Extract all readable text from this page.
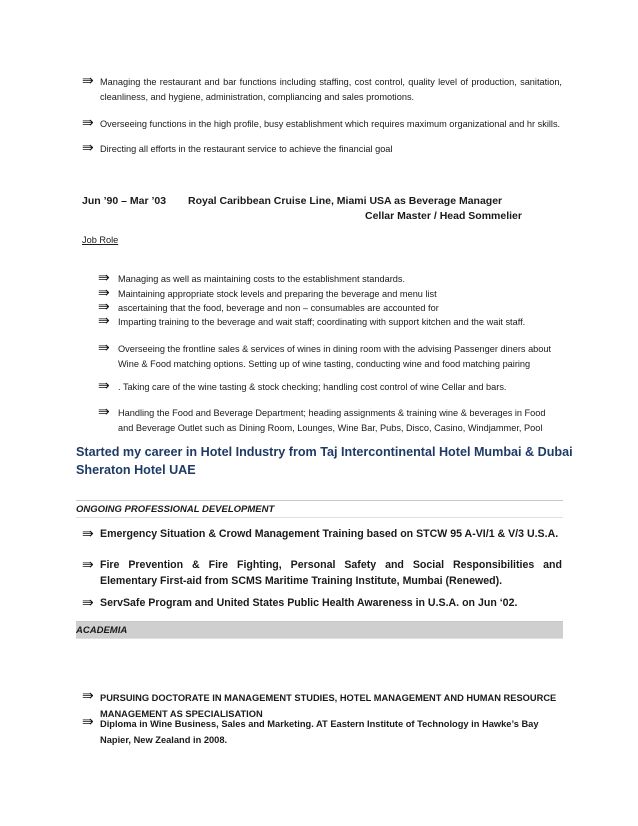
⇛ Managing the restaurant and bar functions including staffing, cost control, quality level of production, sanitation, cleanliness, and hygiene, administration, compliancing and sales promotions.
⇛ Overseeing functions in the high profile, busy establishment which requires maximum organizational and hr skills.
⇛ Directing all efforts in the restaurant service to achieve the financial goal
Jun ’90 – Mar ’03 Royal Caribbean Cruise Line, Miami USA as Beverage Manager
Cellar Master / Head Sommelier
Job Role
⇛ Managing as well as maintaining costs to the establishment standards.
⇛ Maintaining appropriate stock levels and preparing the beverage and menu list
⇛ ascertaining that the food, beverage and non – consumables are accounted for
⇛ Imparting training to the beverage and wait staff; coordinating with support kitchen and the wait staff.
⇛ Overseeing the frontline sales & services of wines in dining room with the advising Passenger diners about Wine & Food matching options. Setting up of wine tasting, conducting wine and food matching pairing
⇛ . Taking care of the wine tasting & stock checking; handling cost control of wine Cellar and bars.
⇛ Handling the Food and Beverage Department; heading assignments & training wine & beverages in Food and Beverage Outlet such as Dining Room, Lounges, Wine Bar, Pubs, Disco, Casino, Windjammer, Pool
Started my career in Hotel Industry from Taj Intercontinental Hotel Mumbai & Dubai Sheraton Hotel UAE
ONGOING PROFESSIONAL DEVELOPMENT
⇛ Emergency Situation & Crowd Management Training based on STCW 95 A-VI/1 & V/3 U.S.A.
⇛ Fire Prevention & Fire Fighting, Personal Safety and Social Responsibilities and Elementary First-aid from SCMS Maritime Training Institute, Mumbai (Renewed).
⇛ ServSafe Program and United States Public Health Awareness in U.S.A. on Jun ‘02.
ACADEMIA
⇛ PURSUING DOCTORATE IN MANAGEMENT STUDIES, HOTEL MANAGEMENT AND HUMAN RESOURCE MANAGEMENT AS SPECIALISATION
⇛ Diploma in Wine Business, Sales and Marketing. AT Eastern Institute of Technology in Hawke’s Bay Napier, New Zealand in 2008.
